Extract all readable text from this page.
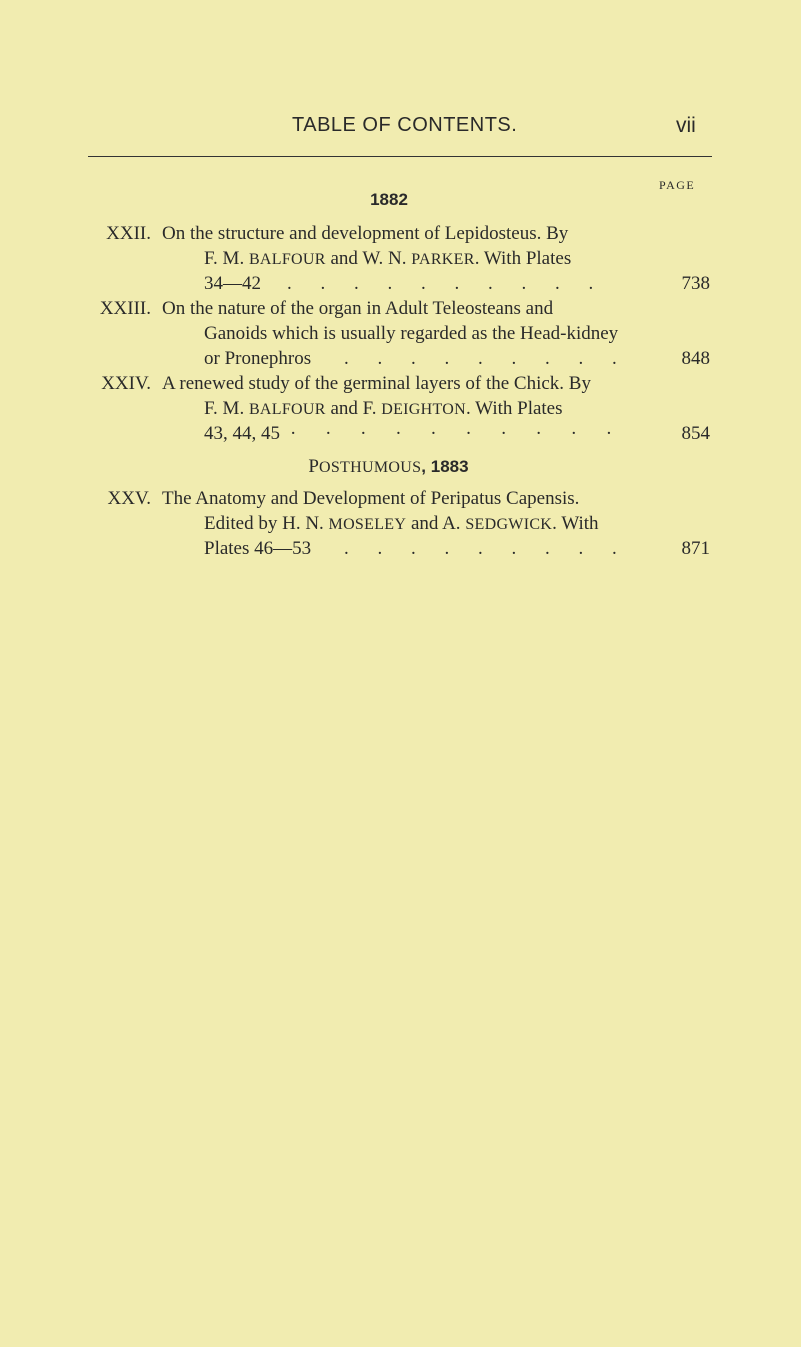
TABLE OF CONTENTS.	vii
PAGE
1882
XXII. On the structure and development of Lepidosteus. By
F. M. BALFOUR and W. N. PARKER. With Plates
34—42 . . . . . . . . . .	738
XXIII. On the nature of the organ in Adult Teleosteans and
Ganoids which is usually regarded as the Head-kidney
or Pronephros . . . . . . . . .	848
XXIV. A renewed study of the germinal layers of the Chick. By
F. M. BALFOUR and F. DEIGHTON. With Plates
43, 44, 45 · · · · · · · · · ·	854
POSTHUMOUS, 1883
XXV. The Anatomy and Development of Peripatus Capensis.
Edited by H. N. MOSELEY and A. SEDGWICK. With
Plates 46—53 . . . . . . . . .	871
